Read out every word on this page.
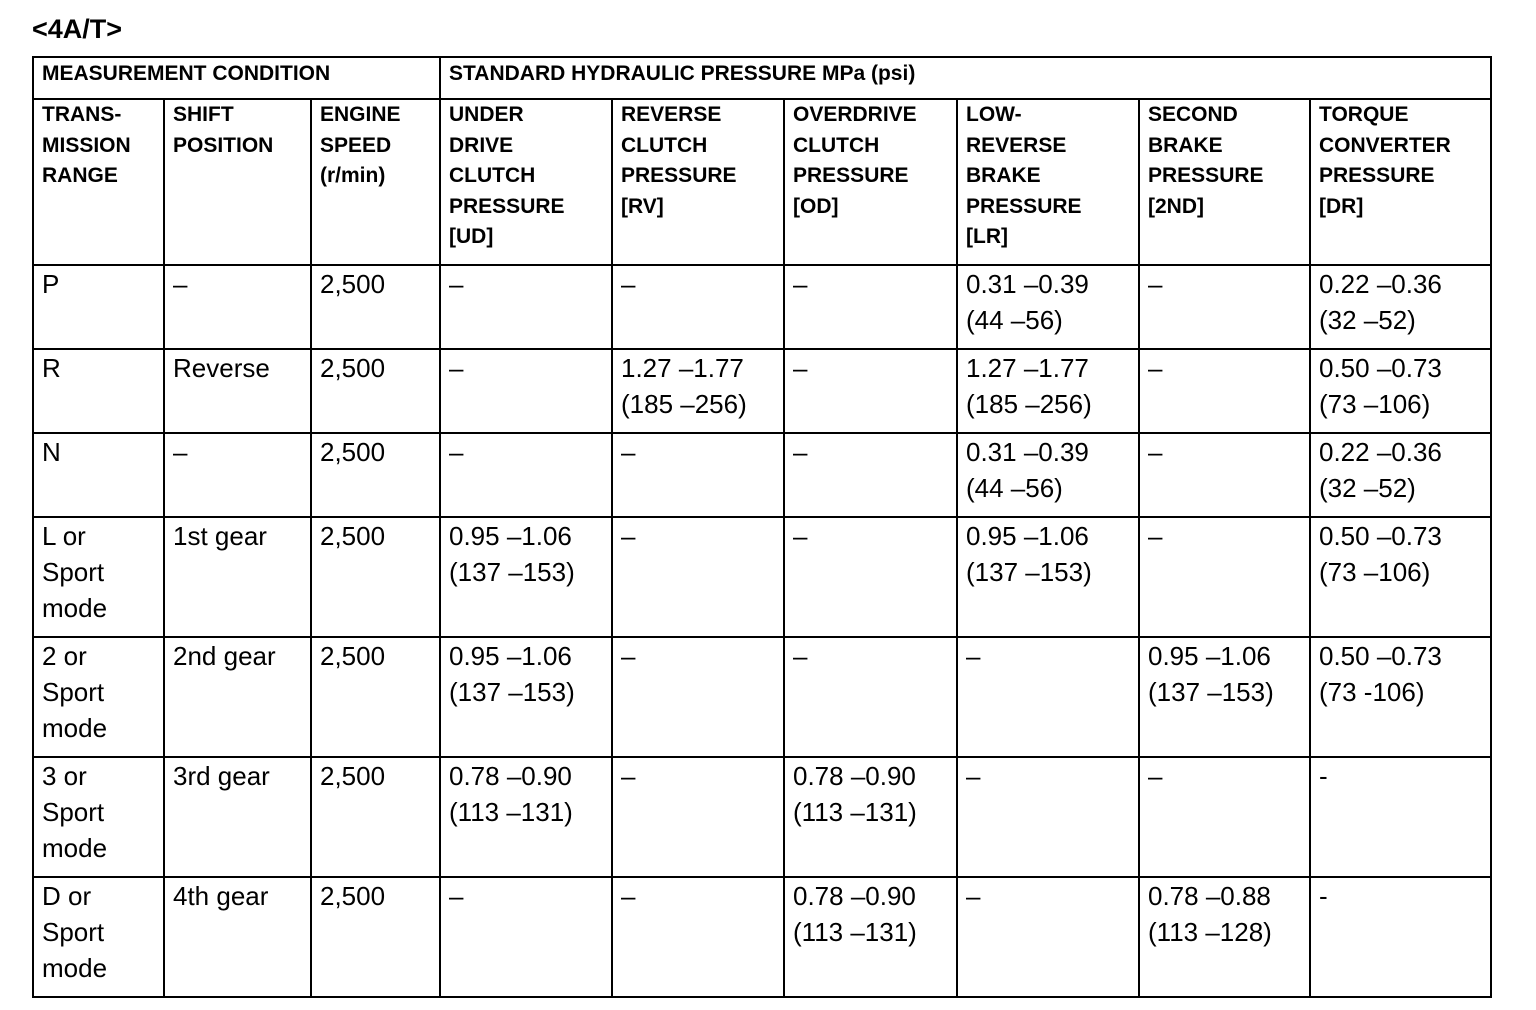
<4A/T>
MEASUREMENT CONDITION			STANDARD HYDRAULIC PRESSURE MPa (psi)					

TRANS-
MISSION
RANGE	SHIFT
POSITION	ENGINE
SPEED
(r/min)	UNDER
DRIVE
CLUTCH
PRESSURE
[UD]	REVERSE
CLUTCH
PRESSURE
[RV]	OVERDRIVE
CLUTCH
PRESSURE
[OD]	LOW-
REVERSE
BRAKE
PRESSURE
[LR]	SECOND
BRAKE
PRESSURE
[2ND]	TORQUE
CONVERTER
PRESSURE
[DR]

P	–	2,500	–	–	–	0.31 –0.39
(44 –56)	–	0.22 –0.36
(32 –52)

R	Reverse	2,500	–	1.27 –1.77
(185 –256)	–	1.27 –1.77
(185 –256)	–	0.50 –0.73
(73 –106)

N	–	2,500	–	–	–	0.31 –0.39
(44 –56)	–	0.22 –0.36
(32 –52)

L or
Sport
mode	1st gear	2,500	0.95 –1.06
(137 –153)	–	–	0.95 –1.06
(137 –153)	–	0.50 –0.73
(73 –106)

2 or
Sport
mode	2nd gear	2,500	0.95 –1.06
(137 –153)	–	–	–	0.95 –1.06
(137 –153)	0.50 –0.73
(73 -106)

3 or
Sport
mode	3rd gear	2,500	0.78 –0.90
(113 –131)	–	0.78 –0.90
(113 –131)	–	–	-

D or
Sport
mode	4th gear	2,500	–	–	0.78 –0.90
(113 –131)	–	0.78 –0.88
(113 –128)	-
